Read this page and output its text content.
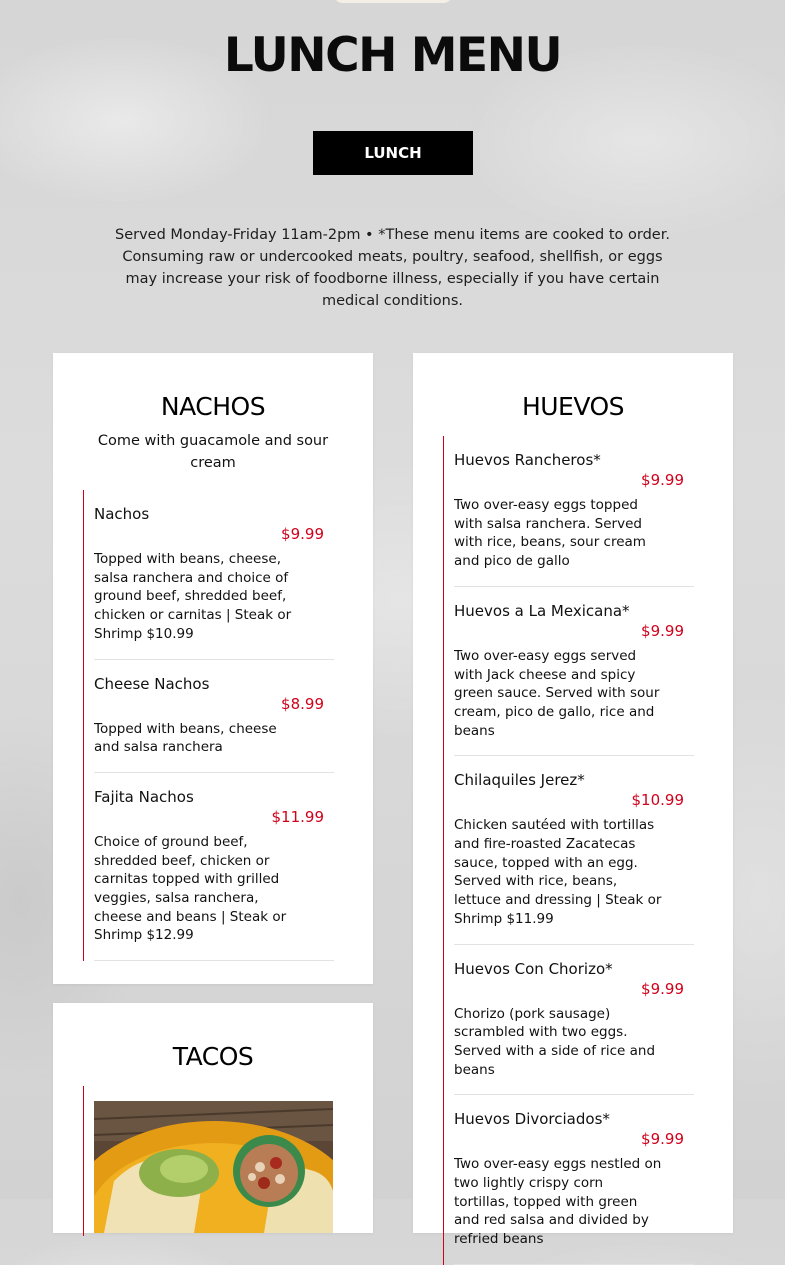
LUNCH MENU
LUNCH
Served Monday-Friday 11am-2pm • *These menu items are cooked to order. Consuming raw or undercooked meats, poultry, seafood, shellfish, or eggs may increase your risk of foodborne illness, especially if you have certain medical conditions.
NACHOS
Come with guacamole and sour cream
Nachos
$9.99
Topped with beans, cheese, salsa ranchera and choice of ground beef, shredded beef, chicken or carnitas | Steak or Shrimp $10.99
Cheese Nachos
$8.99
Topped with beans, cheese and salsa ranchera
Fajita Nachos
$11.99
Choice of ground beef, shredded beef, chicken or carnitas topped with grilled veggies, salsa ranchera, cheese and beans | Steak or Shrimp $12.99
TACOS
HUEVOS
Huevos Rancheros*
$9.99
Two over-easy eggs topped with salsa ranchera. Served with rice, beans, sour cream and pico de gallo
Huevos a La Mexicana*
$9.99
Two over-easy eggs served with Jack cheese and spicy green sauce. Served with sour cream, pico de gallo, rice and beans
Chilaquiles Jerez*
$10.99
Chicken sautéed with tortillas and fire-roasted Zacatecas sauce, topped with an egg. Served with rice, beans, lettuce and dressing | Steak or Shrimp $11.99
Huevos Con Chorizo*
$9.99
Chorizo (pork sausage) scrambled with two eggs. Served with a side of rice and beans
Huevos Divorciados*
$9.99
Two over-easy eggs nestled on two lightly crispy corn tortillas, topped with green and red salsa and divided by refried beans
